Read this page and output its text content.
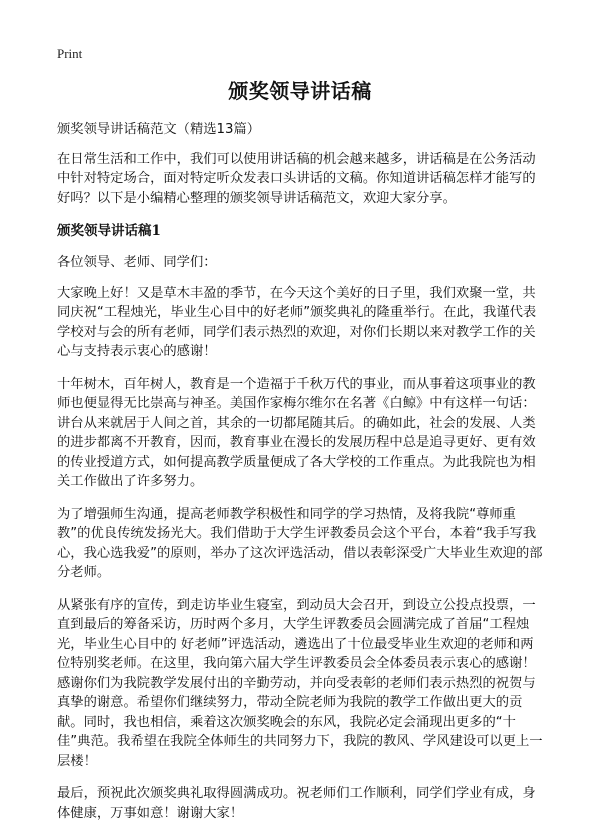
Print
颁奖领导讲话稿

颁奖领导讲话稿范文（精选13篇）

在日常生活和工作中，我们可以使用讲话稿的机会越来越多，讲话稿是在公务活动中针对特定场合，面对特定听众发表口头讲话的文稿。你知道讲话稿怎样才能写的好吗？以下是小编精心整理的颁奖领导讲话稿范文，欢迎大家分享。

颁奖领导讲话稿1

各位领导、老师、同学们：

大家晚上好！又是草木丰盈的季节，在今天这个美好的日子里，我们欢聚一堂，共同庆祝“工程烛光，毕业生心目中的好老师”颁奖典礼的隆重举行。在此，我谨代表学校对与会的所有老师，同学们表示热烈的欢迎，对你们长期以来对教学工作的关心与支持表示衷心的感谢！

十年树木，百年树人，教育是一个造福于千秋万代的事业，而从事着这项事业的教师也便显得无比崇高与神圣。美国作家梅尔维尔在名著《白鲸》中有这样一句话：讲台从来就居于人间之首，其余的一切都尾随其后。的确如此，社会的发展、人类的进步都离不开教育，因而，教育事业在漫长的发展历程中总是追寻更好、更有效的传业授道方式，如何提高教学质量便成了各大学校的工作重点。为此我院也为相关工作做出了许多努力。

为了增强师生沟通，提高老师教学积极性和同学的学习热情，及将我院“尊师重教”的优良传统发扬光大。我们借助于大学生评教委员会这个平台，本着“我手写我心，我心选我爱”的原则，举办了这次评选活动，借以表彰深受广大毕业生欢迎的部分老师。

从紧张有序的宣传，到走访毕业生寝室，到动员大会召开，到设立公投点投票，一直到最后的筹备采访，历时两个多月，大学生评教委员会圆满完成了首届“工程烛光，毕业生心目中的 好老师”评选活动，遴选出了十位最受毕业生欢迎的老师和两位特别奖老师。在这里，我向第六届大学生评教委员会全体委员表示衷心的感谢！感谢你们为我院教学发展付出的辛勤劳动，并向受表彰的老师们表示热烈的祝贺与真挚的谢意。希望你们继续努力，带动全院老师为我院的教学工作做出更大的贡献。同时，我也相信，乘着这次颁奖晚会的东风，我院必定会涌现出更多的“十佳”典范。我希望在我院全体师生的共同努力下，我院的教风、学风建设可以更上一层楼！

最后，预祝此次颁奖典礼取得圆满成功。祝老师们工作顺利，同学们学业有成，身体健康，万事如意！谢谢大家！
